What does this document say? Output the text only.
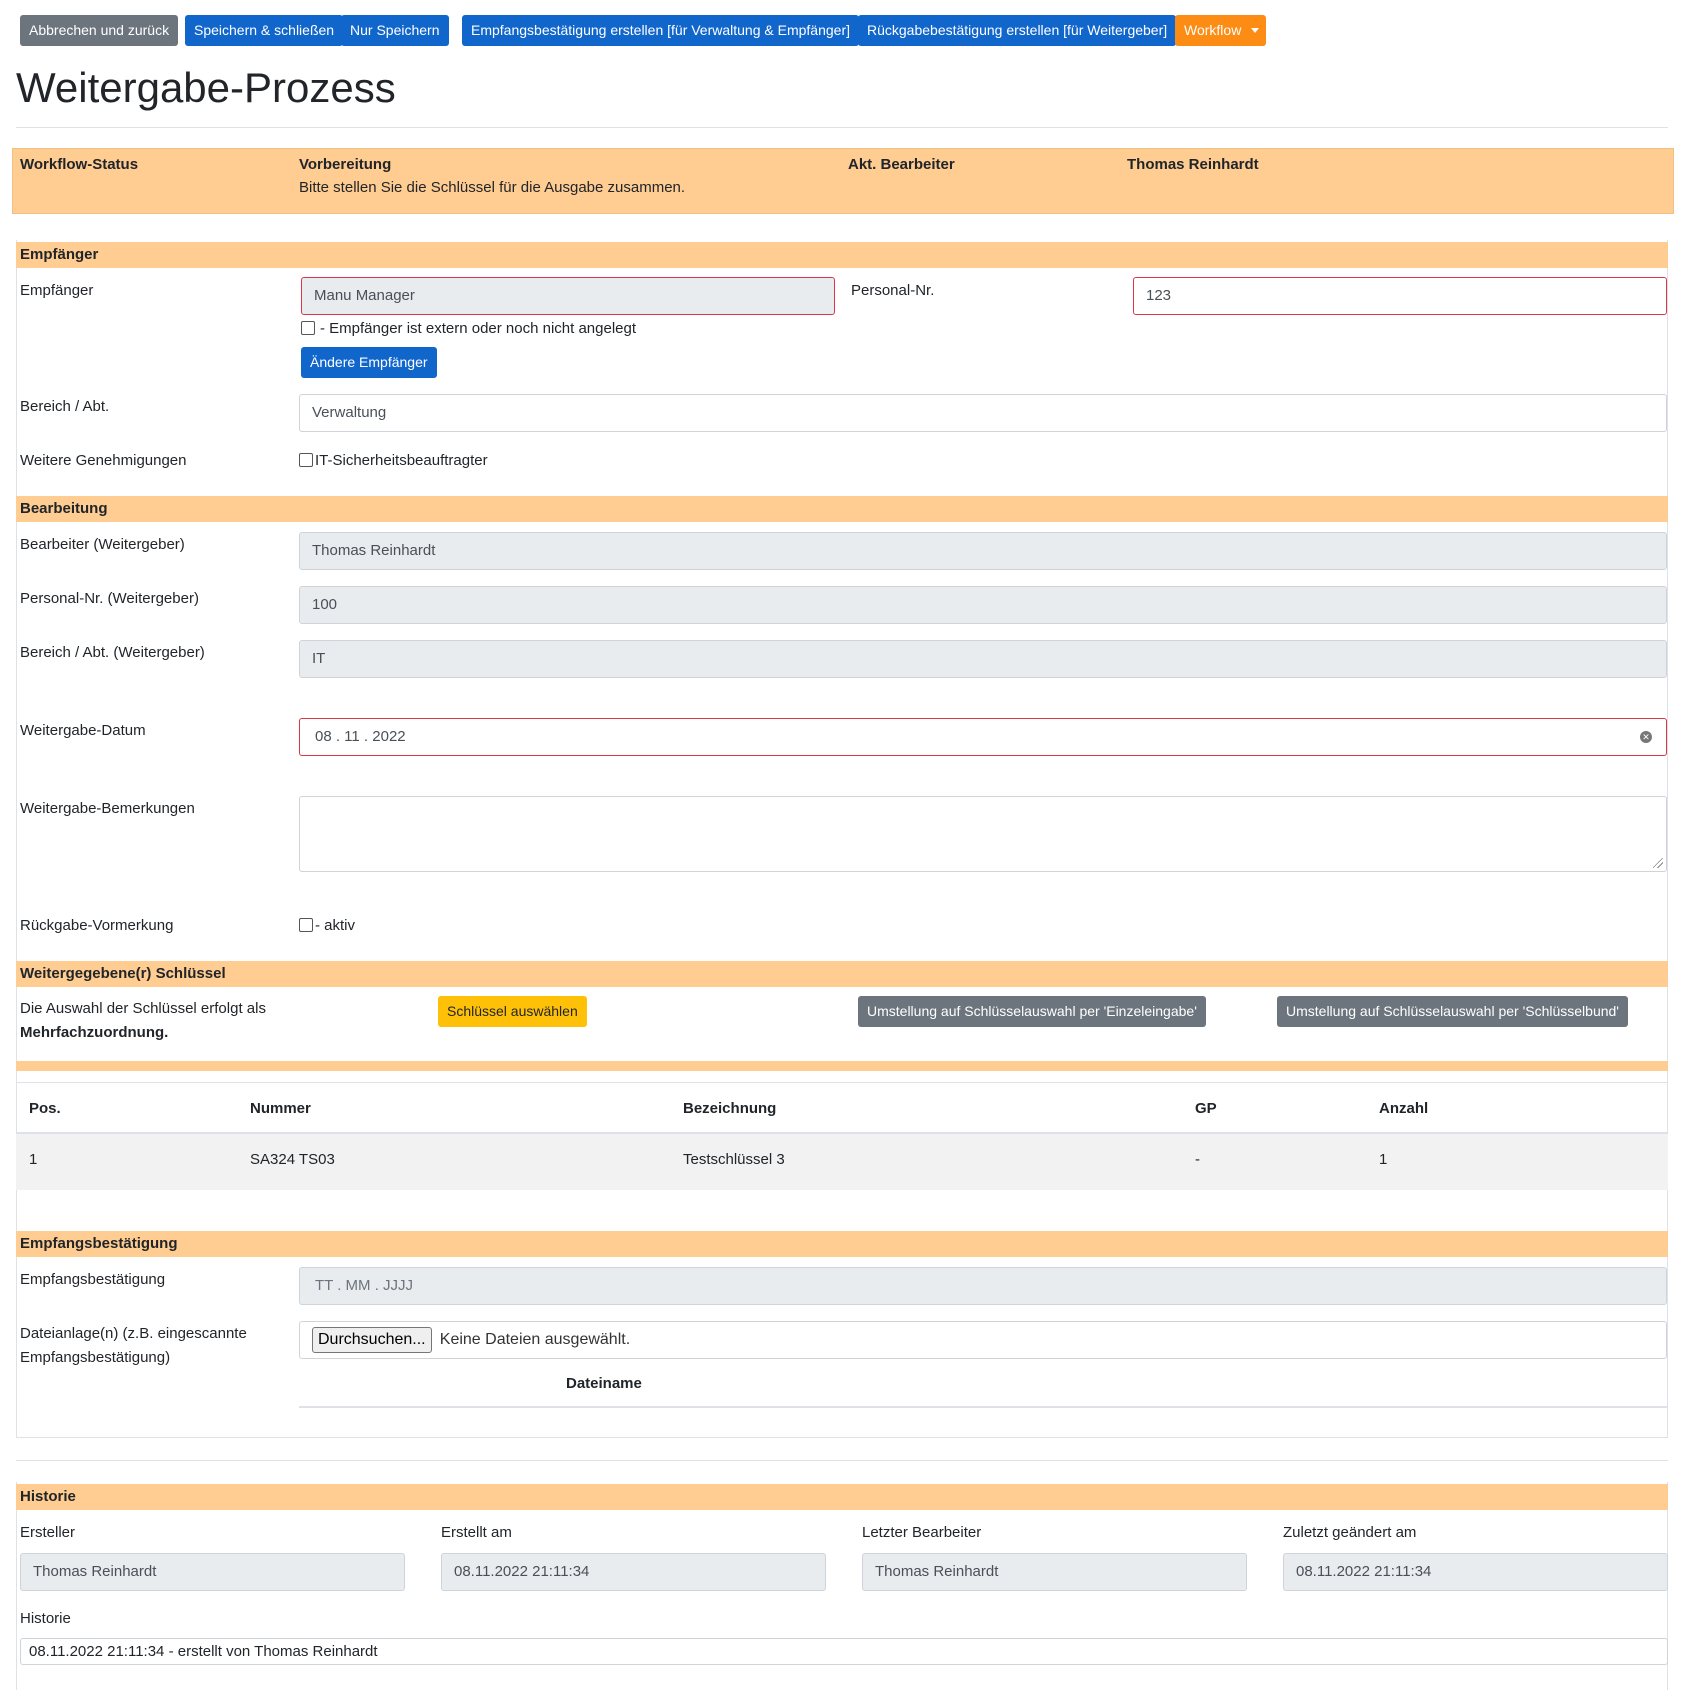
Abbrechen und zurück	Speichern & schließen	Nur Speichern	Empfangsbestätigung erstellen [für Verwaltung & Empfänger]	Rückgabebestätigung erstellen [für Weitergeber]	Workflow
Weitergabe-Prozess
Workflow-Status	Vorbereitung
Bitte stellen Sie die Schlüssel für die Ausgabe zusammen.
Akt. Bearbeiter	Thomas Reinhardt
Empfänger
Empfänger	Manu Manager
- Empfänger ist extern oder noch nicht angelegt
Ändere Empfänger
Personal-Nr.	123
Bereich / Abt.	Verwaltung
Weitere Genehmigungen	IT-Sicherheitsbeauftragter
Bearbeitung
Bearbeiter (Weitergeber)	Thomas Reinhardt
Personal-Nr. (Weitergeber)	100
Bereich / Abt. (Weitergeber)	IT
Weitergabe-Datum	08 . 11 . 2022	✕
Weitergabe-Bemerkungen
Rückgabe-Vormerkung	- aktiv
Weitergegebene(r) Schlüssel
Die Auswahl der Schlüssel erfolgt als
Mehrfachzuordnung.
Schlüssel auswählen	Umstellung auf Schlüsselauswahl per 'Einzeleingabe'	Umstellung auf Schlüsselauswahl per 'Schlüsselbund'
Pos.	Nummer	Bezeichnung	GP	Anzahl
1	SA324 TS03	Testschlüssel 3	-	1
Empfangsbestätigung
Empfangsbestätigung	TT . MM . JJJJ
Dateianlage(n) (z.B. eingescannte
Empfangsbestätigung)
Durchsuchen... Keine Dateien ausgewählt.
Dateiname
Historie
Ersteller
Thomas Reinhardt
Erstellt am
08.11.2022 21:11:34
Letzter Bearbeiter
Thomas Reinhardt
Zuletzt geändert am
08.11.2022 21:11:34
Historie
08.11.2022 21:11:34 - erstellt von Thomas Reinhardt
